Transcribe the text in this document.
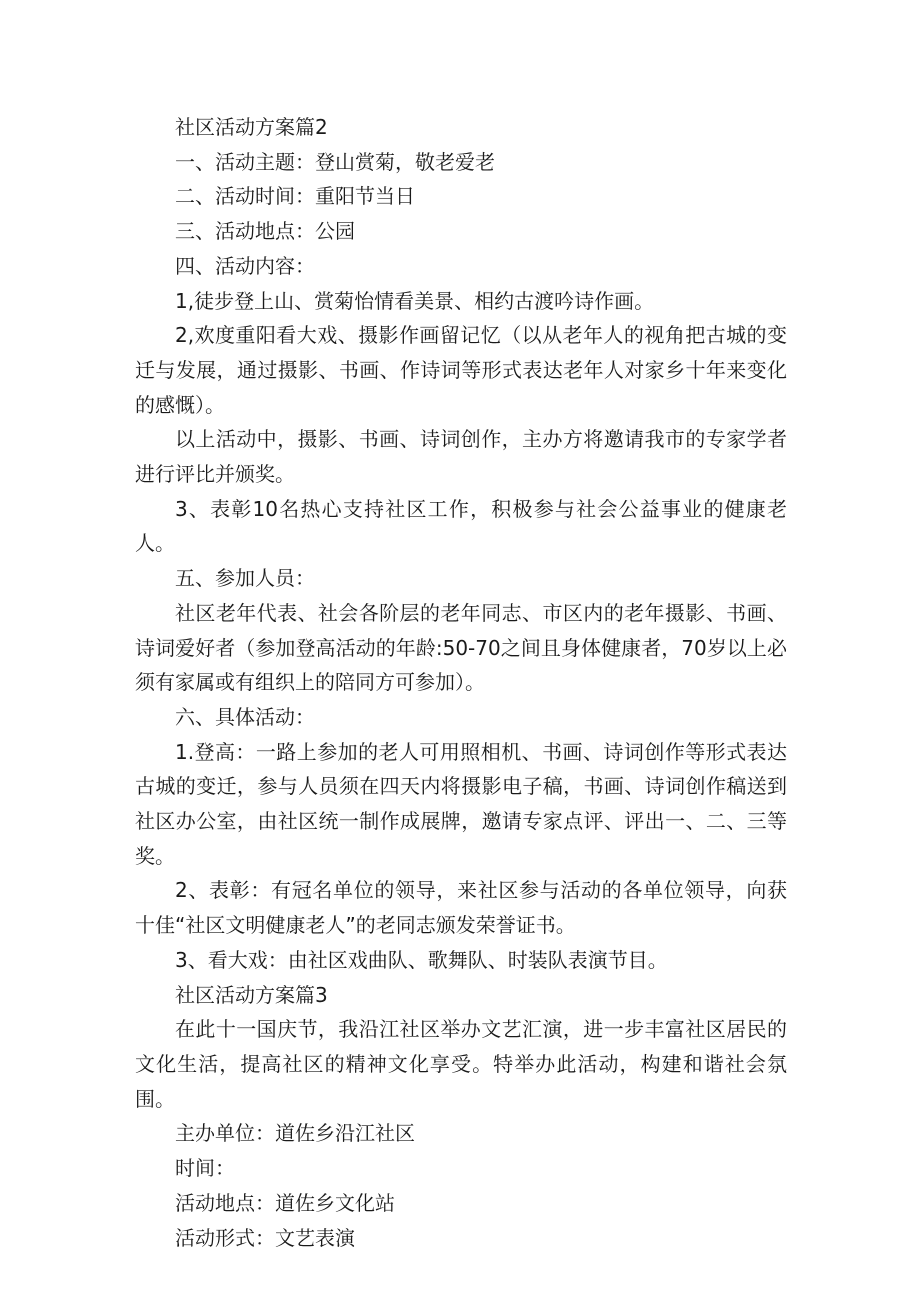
社区活动方案篇2

一、活动主题：登山赏菊，敬老爱老

二、活动时间：重阳节当日

三、活动地点：公园

四、活动内容：

1,徒步登上山、赏菊怡情看美景、相约古渡吟诗作画。

2,欢度重阳看大戏、摄影作画留记忆（以从老年人的视角把古城的变迁与发展，通过摄影、书画、作诗词等形式表达老年人对家乡十年来变化的感慨）。

以上活动中，摄影、书画、诗词创作，主办方将邀请我市的专家学者进行评比并颁奖。

3、表彰10名热心支持社区工作，积极参与社会公益事业的健康老人。

五、参加人员：

社区老年代表、社会各阶层的老年同志、市区内的老年摄影、书画、诗词爱好者（参加登高活动的年龄:50-70之间且身体健康者，70岁以上必须有家属或有组织上的陪同方可参加）。

六、具体活动：

1.登高：一路上参加的老人可用照相机、书画、诗词创作等形式表达古城的变迁，参与人员须在四天内将摄影电子稿，书画、诗词创作稿送到社区办公室，由社区统一制作成展牌，邀请专家点评、评出一、二、三等奖。

2、表彰：有冠名单位的领导，来社区参与活动的各单位领导，向获十佳“社区文明健康老人”的老同志颁发荣誉证书。

3、看大戏：由社区戏曲队、歌舞队、时装队表演节目。

社区活动方案篇3

在此十一国庆节，我沿江社区举办文艺汇演，进一步丰富社区居民的文化生活，提高社区的精神文化享受。特举办此活动，构建和谐社会氛围。

主办单位：道佐乡沿江社区

时间：

活动地点：道佐乡文化站

活动形式：文艺表演
